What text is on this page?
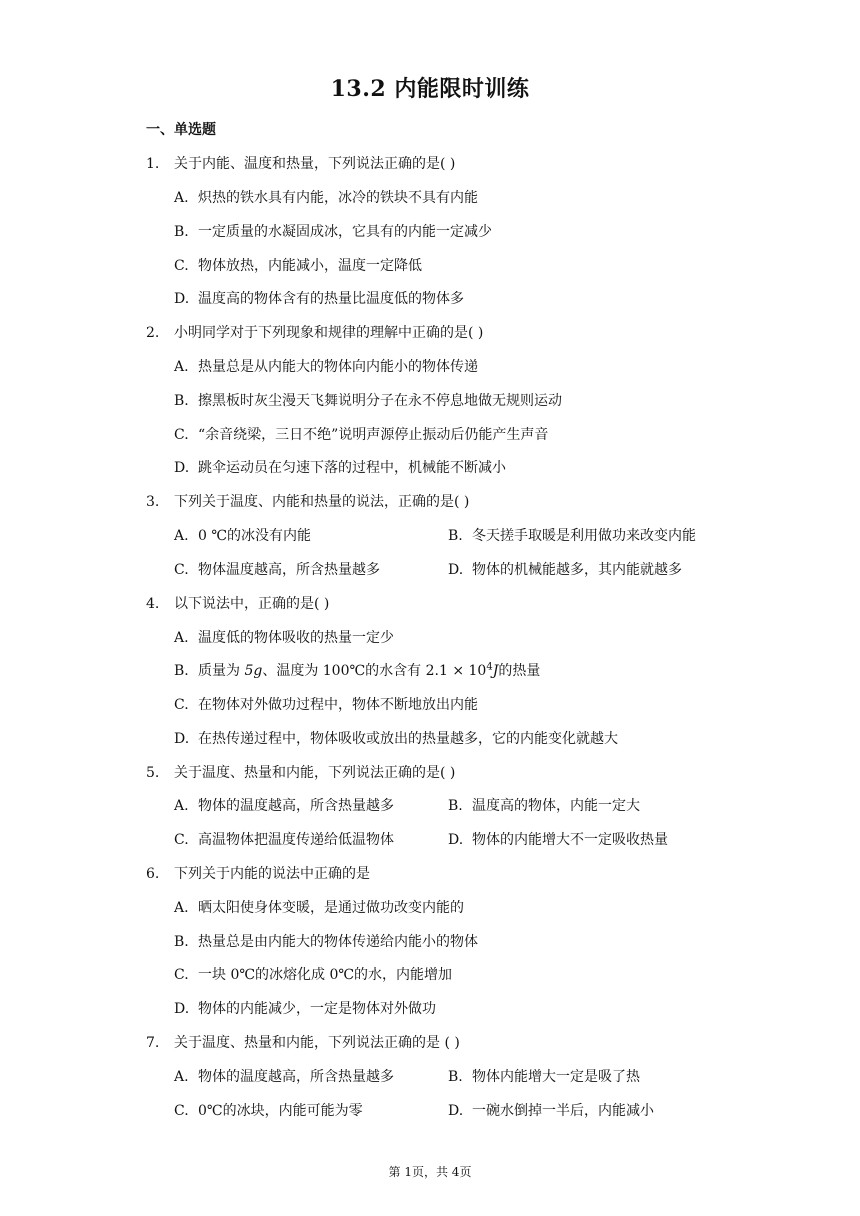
13.2 内能限时训练
一、单选题
1. 关于内能、温度和热量，下列说法正确的是( )
A. 炽热的铁水具有内能，冰冷的铁块不具有内能
B. 一定质量的水凝固成冰，它具有的内能一定减少
C. 物体放热，内能减小，温度一定降低
D. 温度高的物体含有的热量比温度低的物体多
2. 小明同学对于下列现象和规律的理解中正确的是( )
A. 热量总是从内能大的物体向内能小的物体传递
B. 擦黑板时灰尘漫天飞舞说明分子在永不停息地做无规则运动
C. “余音绕梁，三日不绝”说明声源停止振动后仍能产生声音
D. 跳伞运动员在匀速下落的过程中，机械能不断减小
3. 下列关于温度、内能和热量的说法，正确的是( )
A. 0 ℃的冰没有内能	B. 冬天搓手取暖是利用做功来改变内能
C. 物体温度越高，所含热量越多	D. 物体的机械能越多，其内能就越多
4. 以下说法中，正确的是( )
A. 温度低的物体吸收的热量一定少
B. 质量为 5g、温度为 100℃的水含有 $2.1 \times 10^4J$的热量
C. 在物体对外做功过程中，物体不断地放出内能
D. 在热传递过程中，物体吸收或放出的热量越多，它的内能变化就越大
5. 关于温度、热量和内能，下列说法正确的是( )
A. 物体的温度越高，所含热量越多	B. 温度高的物体，内能一定大
C. 高温物体把温度传递给低温物体	D. 物体的内能增大不一定吸收热量
6. 下列关于内能的说法中正确的是
A. 晒太阳使身体变暖，是通过做功改变内能的
B. 热量总是由内能大的物体传递给内能小的物体
C. 一块 0℃的冰熔化成 0℃的水，内能增加
D. 物体的内能减少，一定是物体对外做功
7. 关于温度、热量和内能，下列说法正确的是 ( )
A. 物体的温度越高，所含热量越多	B. 物体内能增大一定是吸了热
C. 0℃的冰块，内能可能为零	D. 一碗水倒掉一半后，内能减小
第 1页，共 4页
